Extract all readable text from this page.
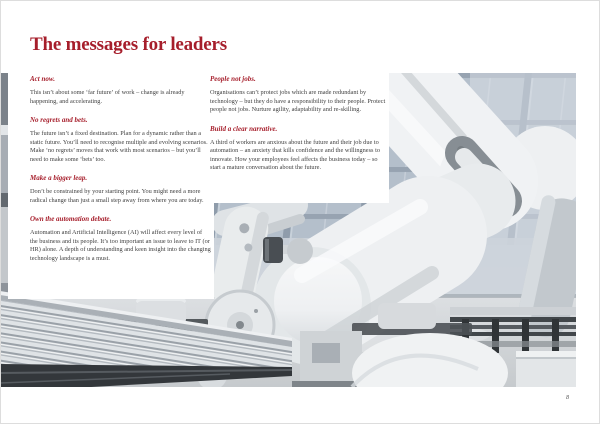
The messages for leaders
Act now.

This isn’t about some ‘far future’ of work – change is already happening, and accelerating.

No regrets and bets.

The future isn’t a fixed destination. Plan for a dynamic rather than a static future. You’ll need to recognise multiple and evolving scenarios. Make ‘no regrets’ moves that work with most scenarios – but you’ll need to make some ‘bets’ too.

Make a bigger leap.

Don’t be constrained by your starting point. You might need a more radical change than just a small step away from where you are today.

Own the automation debate.

Automation and Artificial Intelligence (AI) will affect every level of the business and its people. It’s too important an issue to leave to IT (or HR) alone. A depth of understanding and keen insight into the changing technology landscape is a must.

People not jobs.

Organisations can’t protect jobs which are made redundant by technology – but they do have a responsibility to their people. Protect people not jobs. Nurture agility, adaptability and re-skilling.

Build a clear narrative.

A third of workers are anxious about the future and their job due to automation – an anxiety that kills confidence and the willingness to innovate. How your employees feel affects the business today – so start a mature conversation about the future.

8
